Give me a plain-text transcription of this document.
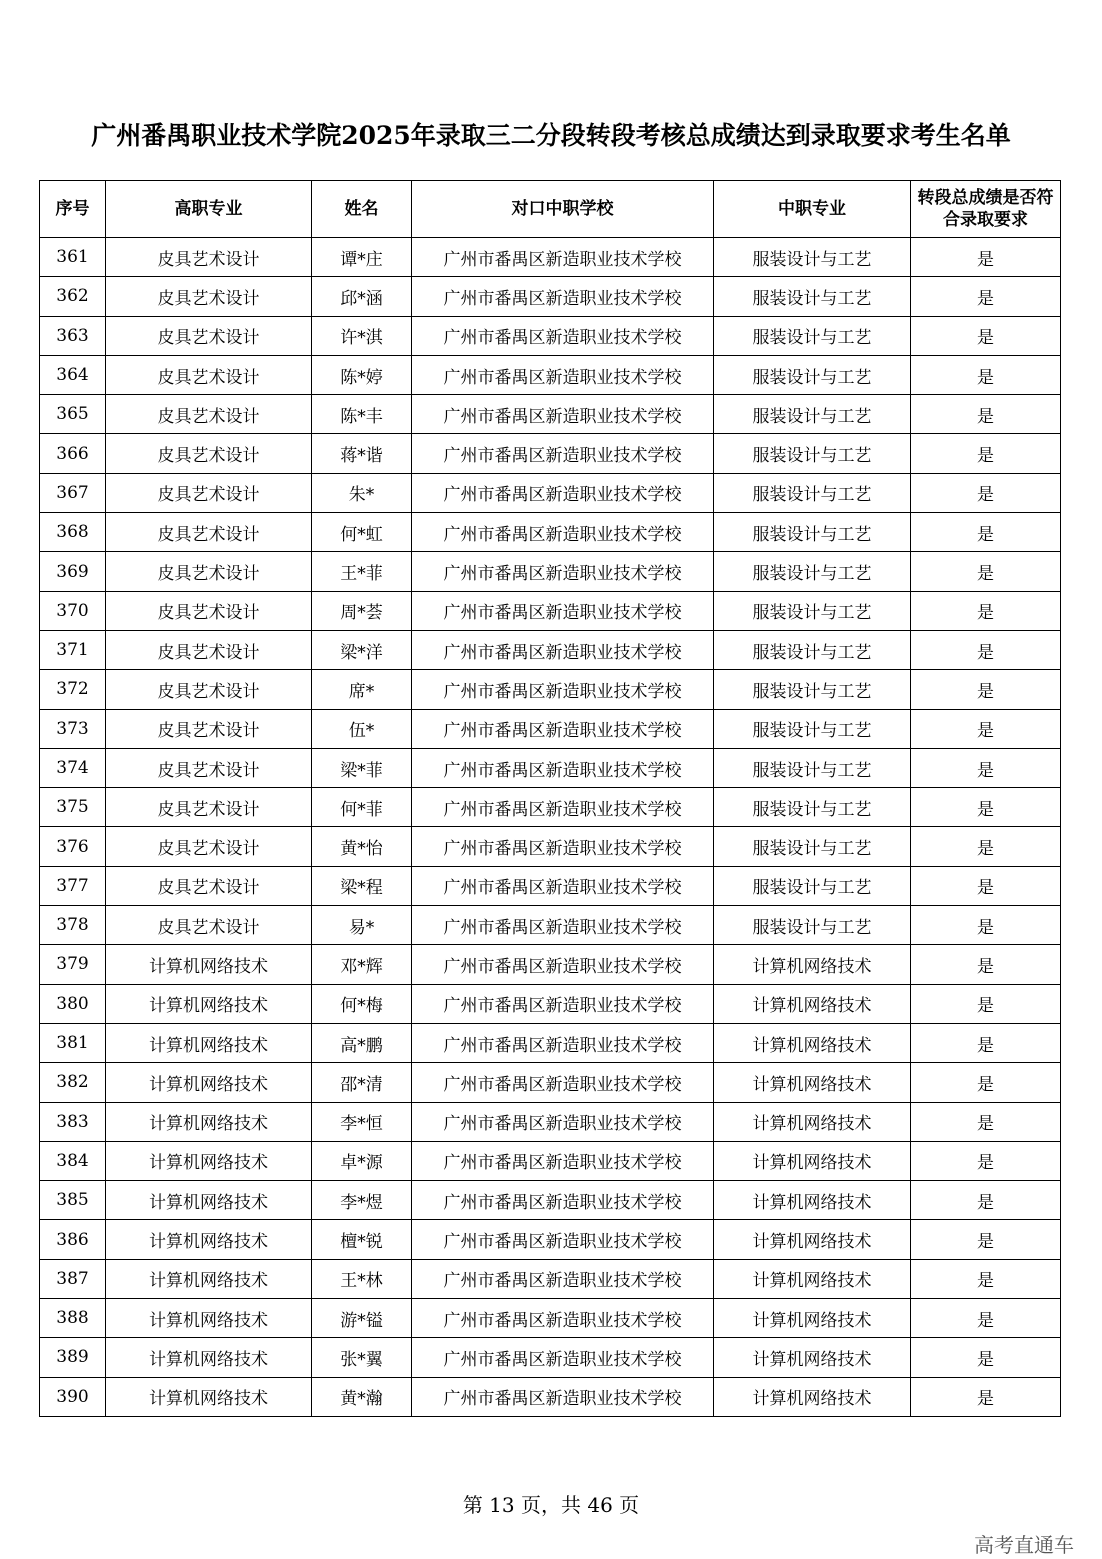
广州番禺职业技术学院2025年录取三二分段转段考核总成绩达到录取要求考生名单
序号	高职专业	姓名	对口中职学校	中职专业	转段总成绩是否符合录取要求
361	皮具艺术设计	谭*庄	广州市番禺区新造职业技术学校	服装设计与工艺	是
362	皮具艺术设计	邱*涵	广州市番禺区新造职业技术学校	服装设计与工艺	是
363	皮具艺术设计	许*淇	广州市番禺区新造职业技术学校	服装设计与工艺	是
364	皮具艺术设计	陈*婷	广州市番禺区新造职业技术学校	服装设计与工艺	是
365	皮具艺术设计	陈*丰	广州市番禺区新造职业技术学校	服装设计与工艺	是
366	皮具艺术设计	蒋*谐	广州市番禺区新造职业技术学校	服装设计与工艺	是
367	皮具艺术设计	朱*	广州市番禺区新造职业技术学校	服装设计与工艺	是
368	皮具艺术设计	何*虹	广州市番禺区新造职业技术学校	服装设计与工艺	是
369	皮具艺术设计	王*菲	广州市番禺区新造职业技术学校	服装设计与工艺	是
370	皮具艺术设计	周*荟	广州市番禺区新造职业技术学校	服装设计与工艺	是
371	皮具艺术设计	梁*洋	广州市番禺区新造职业技术学校	服装设计与工艺	是
372	皮具艺术设计	席*	广州市番禺区新造职业技术学校	服装设计与工艺	是
373	皮具艺术设计	伍*	广州市番禺区新造职业技术学校	服装设计与工艺	是
374	皮具艺术设计	梁*菲	广州市番禺区新造职业技术学校	服装设计与工艺	是
375	皮具艺术设计	何*菲	广州市番禺区新造职业技术学校	服装设计与工艺	是
376	皮具艺术设计	黄*怡	广州市番禺区新造职业技术学校	服装设计与工艺	是
377	皮具艺术设计	梁*程	广州市番禺区新造职业技术学校	服装设计与工艺	是
378	皮具艺术设计	易*	广州市番禺区新造职业技术学校	服装设计与工艺	是
379	计算机网络技术	邓*辉	广州市番禺区新造职业技术学校	计算机网络技术	是
380	计算机网络技术	何*梅	广州市番禺区新造职业技术学校	计算机网络技术	是
381	计算机网络技术	高*鹏	广州市番禺区新造职业技术学校	计算机网络技术	是
382	计算机网络技术	邵*清	广州市番禺区新造职业技术学校	计算机网络技术	是
383	计算机网络技术	李*恒	广州市番禺区新造职业技术学校	计算机网络技术	是
384	计算机网络技术	卓*源	广州市番禺区新造职业技术学校	计算机网络技术	是
385	计算机网络技术	李*煜	广州市番禺区新造职业技术学校	计算机网络技术	是
386	计算机网络技术	檀*锐	广州市番禺区新造职业技术学校	计算机网络技术	是
387	计算机网络技术	王*林	广州市番禺区新造职业技术学校	计算机网络技术	是
388	计算机网络技术	游*镒	广州市番禺区新造职业技术学校	计算机网络技术	是
389	计算机网络技术	张*翼	广州市番禺区新造职业技术学校	计算机网络技术	是
390	计算机网络技术	黄*瀚	广州市番禺区新造职业技术学校	计算机网络技术	是
第 13 页，共 46 页
高考直通车
